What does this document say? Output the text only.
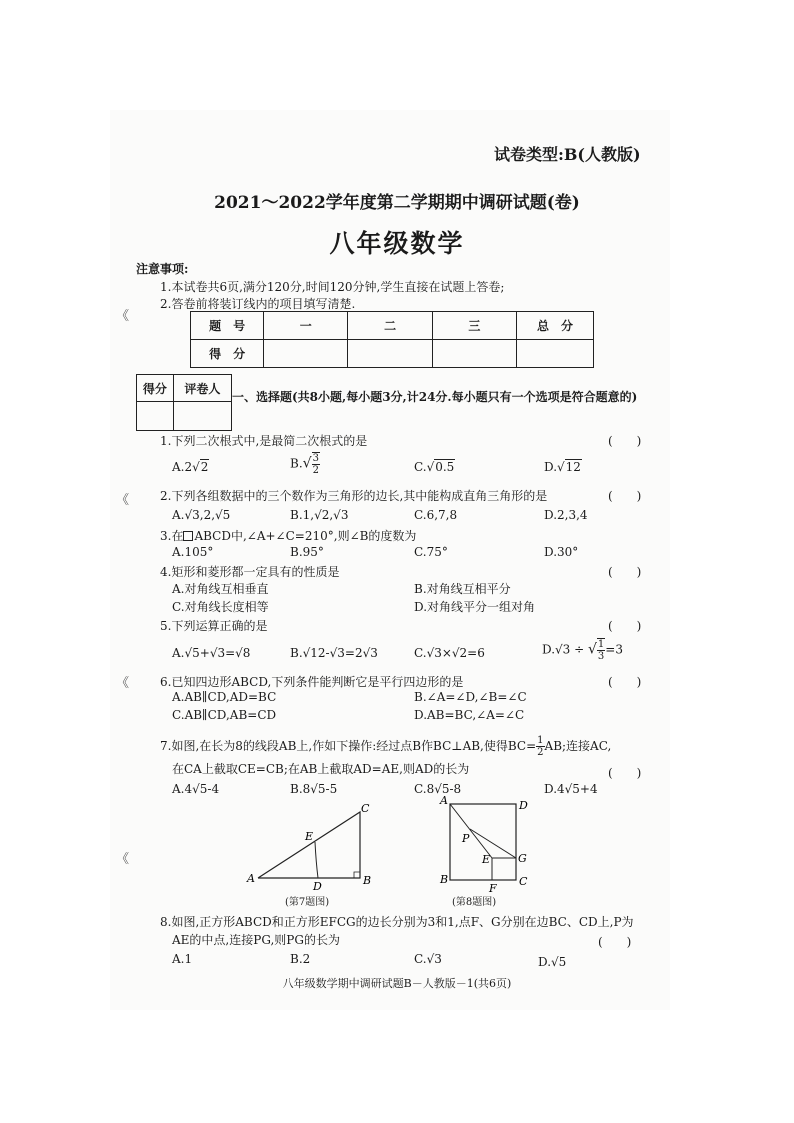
《
《
《
《
试卷类型:B(人教版)
2021～2022学年度第二学期期中调研试题(卷)
八年级数学
注意事项:
1.本试卷共6页,满分120分,时间120分钟,学生直接在试题上答卷;
2.答卷前将装订线内的项目填写清楚.
题　号	一	二	三	总　分
得　分				
得分	评卷人

一、选择题(共8小题,每小题3分,计24分.每小题只有一个选项是符合题意的)
1.下列二次根式中,是最简二次根式的是	(　　)
A.2√2	$B.√ \frac{3}{2}$	C.√0.5	D.√12
2.下列各组数据中的三个数作为三角形的边长,其中能构成直角三角形的是	(　　)
A.√3,2,√5	B.1,√2,√3	C.6,7,8	D.2,3,4
3.在 ABCD中,∠A+∠C=210°,则∠B的度数为
A.105°	B.95°	C.75°	D.30°
4.矩形和菱形都一定具有的性质是	(　　)
A.对角线互相垂直	B.对角线互相平分
C.对角线长度相等	D.对角线平分一组对角
5.下列运算正确的是	(　　)
A.√5+√3=√8	B.√12-√3=2√3	C.√3×√2=6	D.√3 ÷ √ $\frac{1}{3} =3$
6.已知四边形ABCD,下列条件能判断它是平行四边形的是	(　　)
A.AB∥CD,AD=BC	B.∠A=∠D,∠B=∠C
C.AB∥CD,AB=CD	D.AB=BC,∠A=∠C
7.如图,在长为8的线段AB上,作如下操作:经过点B作BC⊥AB,使得$BC= \frac{1}{2}$ AB;连接AC,
在CA上截取CE=CB;在AB上截取AD=AE,则AD的长为	(　　)
A.4√5-4	B.8√5-5	C.8√5-8	D.4√5+4
A	B
C
D
E
(第7题图)
A	D
B	C
P
E	G
F
(第8题图)
8.如图,正方形ABCD和正方形EFCG的边长分别为3和1,点F、G分别在边BC、CD上,P为
AE的中点,连接PG,则PG的长为	(　　)
A.1	B.2	C.√3	D.√5
八年级数学期中调研试题B－人教版－1(共6页)
